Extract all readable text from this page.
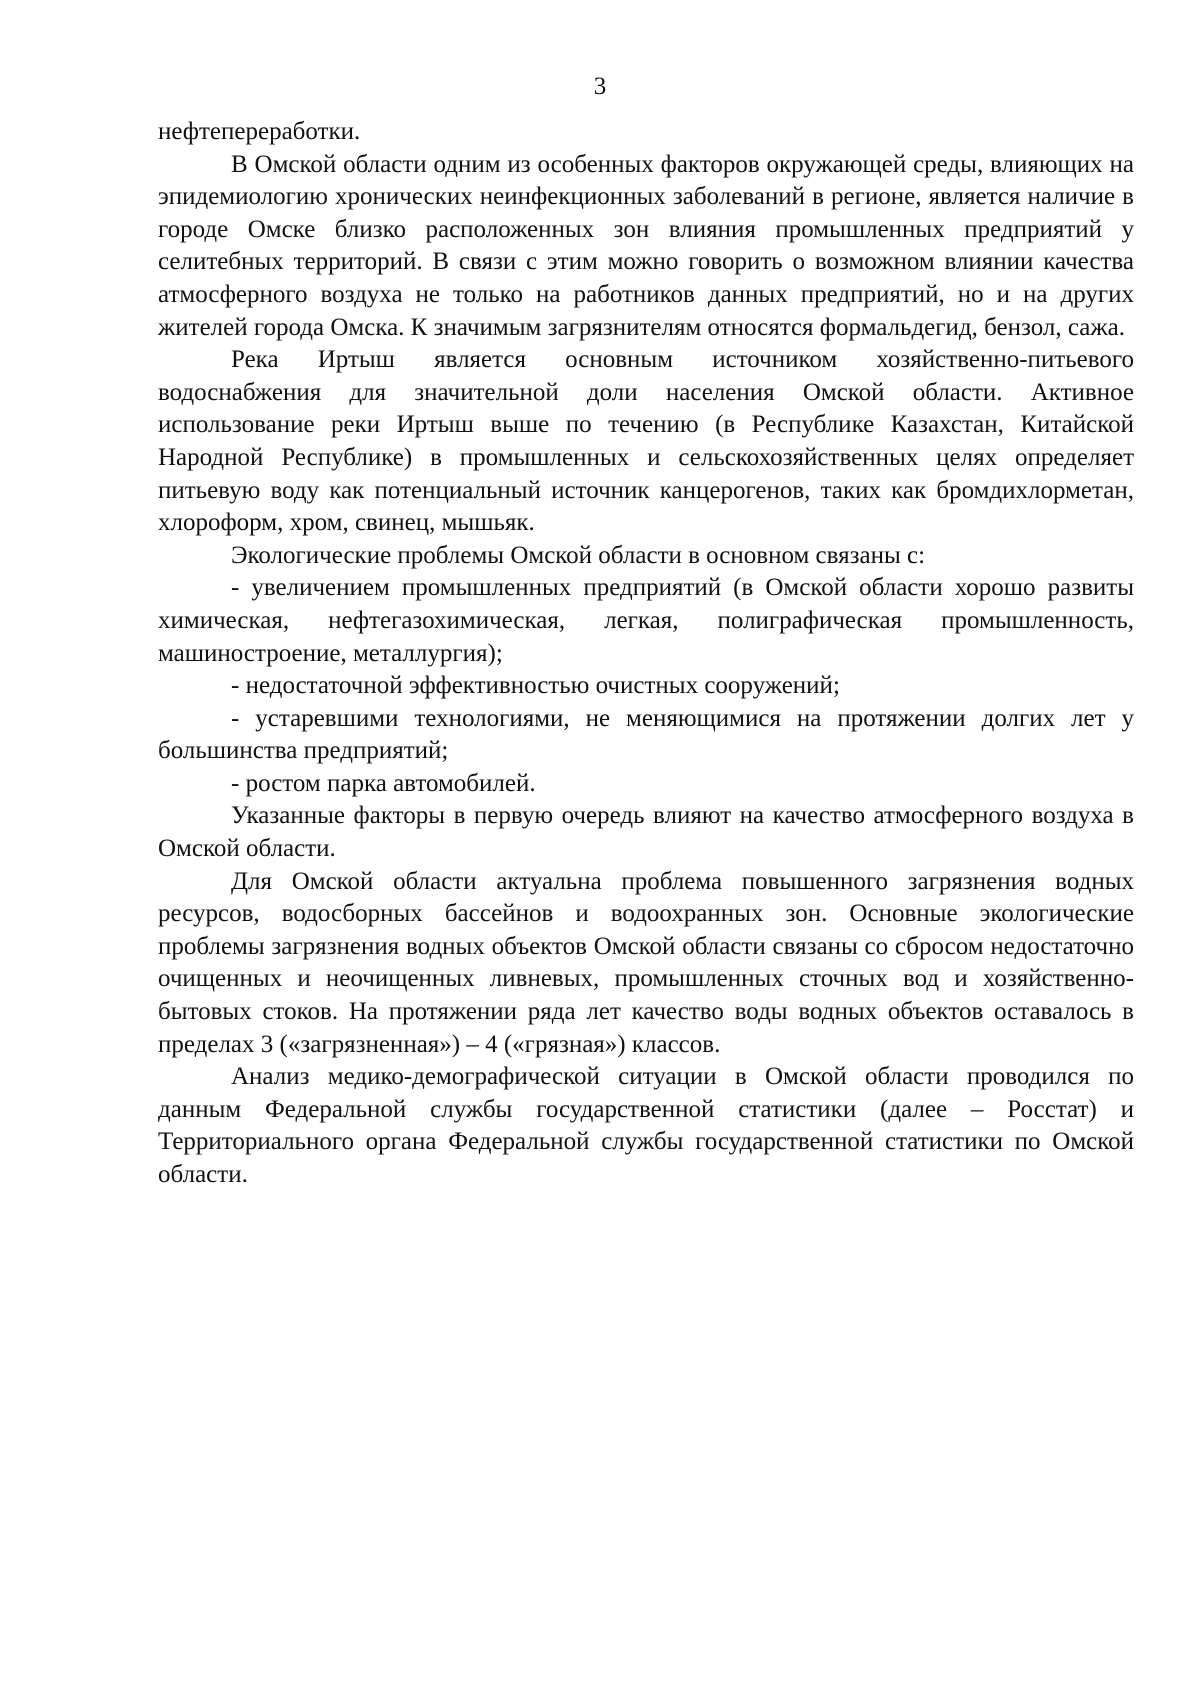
3

нефтепереработки.

В Омской области одним из особенных факторов окружающей среды, влияющих на эпидемиологию хронических неинфекционных заболеваний в регионе, является наличие в городе Омске близко расположенных зон влияния промышленных предприятий у селитебных территорий. В связи с этим можно говорить о возможном влиянии качества атмосферного воздуха не только на работников данных предприятий, но и на других жителей города Омска. К значимым загрязнителям относятся формальдегид, бензол, сажа.

Река Иртыш является основным источником хозяйственно-питьевого водоснабжения для значительной доли населения Омской области. Активное использование реки Иртыш выше по течению (в Республике Казахстан, Китайской Народной Республике) в промышленных и сельскохозяйственных целях определяет питьевую воду как потенциальный источник канцерогенов, таких как бромдихлорметан, хлороформ, хром, свинец, мышьяк.

Экологические проблемы Омской области в основном связаны с:

- увеличением промышленных предприятий (в Омской области хорошо развиты химическая, нефтегазохимическая, легкая, полиграфическая промышленность, машиностроение, металлургия);

- недостаточной эффективностью очистных сооружений;

- устаревшими технологиями, не меняющимися на протяжении долгих лет у большинства предприятий;

- ростом парка автомобилей.

Указанные факторы в первую очередь влияют на качество атмосферного воздуха в Омской области.

Для Омской области актуальна проблема повышенного загрязнения водных ресурсов, водосборных бассейнов и водоохранных зон. Основные экологические проблемы загрязнения водных объектов Омской области связаны со сбросом недостаточно очищенных и неочищенных ливневых, промышленных сточных вод и хозяйственно-бытовых стоков. На протяжении ряда лет качество воды водных объектов оставалось в пределах 3 («загрязненная») – 4 («грязная») классов.

Анализ медико-демографической ситуации в Омской области проводился по данным Федеральной службы государственной статистики (далее – Росстат) и Территориального органа Федеральной службы государственной статистики по Омской области.
